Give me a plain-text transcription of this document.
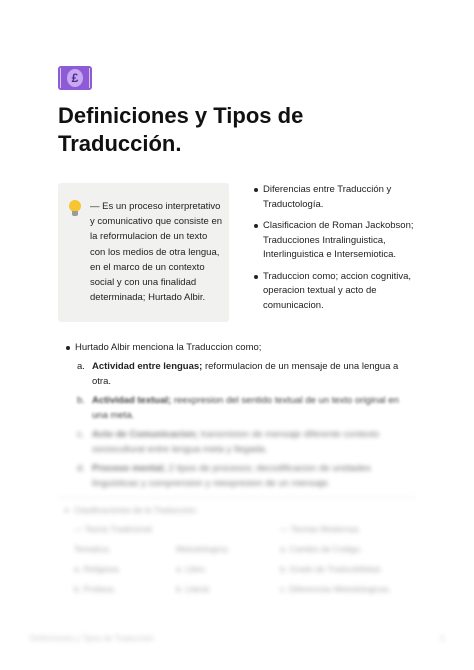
£
Definiciones y Tipos de Traducción.
— Es un proceso interpretativo y comunicativo que consiste en la reformulacion de un texto con los medios de otra lengua, en el marco de un contexto social y con una finalidad determinada; Hurtado Albir.
Diferencias entre Traducción y Traductología.
Clasificacion de Roman Jackobson; Traducciones Intralinguistica, Interlinguistica e Intersemiotica.
Traduccion como; accion cognitiva, operacion textual y acto de comunicacion.
Hurtado Albir menciona la Traduccion como;
a. Actividad entre lenguas; reformulacion de un mensaje de una lengua a otra.
b. Actividad textual; reexpresion del sentido textual de un texto original en una meta.
c. Acto de Comunicacion; transmision de mensaje diferente contexto sociocultural entre lengua meta y llegada.
d. Proceso mental; 2 tipos de procesos; decodificacion de unidades linguisticas y comprension y reexpresion de un mensaje.
Clasificaciones de la Traduccion.
— Teoria Tradicional.
Tematica;
a. Religiosa.
b. Profana.
Metodologica;
a. Libre.
b. Literal.
— Teorias Modernas.
a. Cambio de Codigo.
b. Grado de Traducibilidad.
c. Diferencias Metodologicas.
Definiciones y Tipos de Traducción	1
